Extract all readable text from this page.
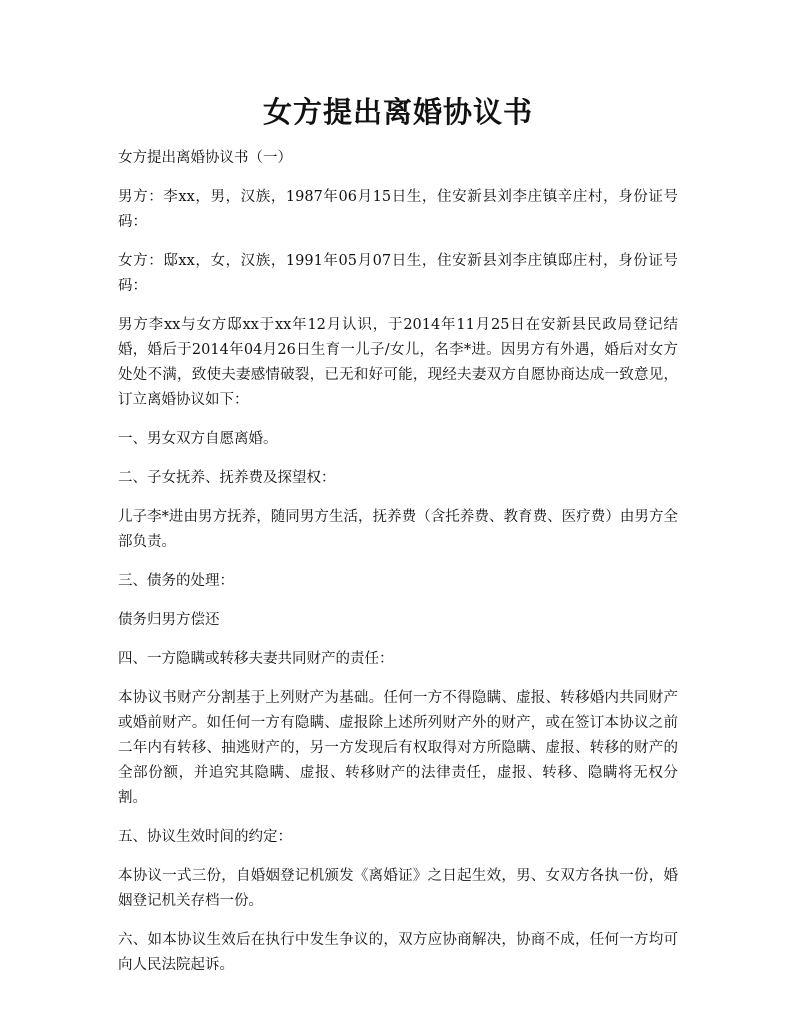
女方提出离婚协议书

女方提出离婚协议书（一）

男方：李xx，男，汉族，1987年06月15日生，住安新县刘李庄镇辛庄村，身份证号码：

女方：邸xx，女，汉族，1991年05月07日生，住安新县刘李庄镇邸庄村，身份证号码：

男方李xx与女方邸xx于xx年12月认识，于2014年11月25日在安新县民政局登记结婚，婚后于2014年04月26日生育一儿子/女儿，名李*进。因男方有外遇，婚后对女方处处不满，致使夫妻感情破裂，已无和好可能，现经夫妻双方自愿协商达成一致意见，订立离婚协议如下：

一、男女双方自愿离婚。

二、子女抚养、抚养费及探望权：

儿子李*进由男方抚养，随同男方生活，抚养费（含托养费、教育费、医疗费）由男方全部负责。

三、债务的处理：

债务归男方偿还

四、一方隐瞒或转移夫妻共同财产的责任：

本协议书财产分割基于上列财产为基础。任何一方不得隐瞒、虚报、转移婚内共同财产或婚前财产。如任何一方有隐瞒、虚报除上述所列财产外的财产，或在签订本协议之前二年内有转移、抽逃财产的，另一方发现后有权取得对方所隐瞒、虚报、转移的财产的全部份额，并追究其隐瞒、虚报、转移财产的法律责任，虚报、转移、隐瞒将无权分割。

五、协议生效时间的约定：

本协议一式三份，自婚姻登记机颁发《离婚证》之日起生效，男、女双方各执一份，婚姻登记机关存档一份。

六、如本协议生效后在执行中发生争议的，双方应协商解决，协商不成，任何一方均可向人民法院起诉。
